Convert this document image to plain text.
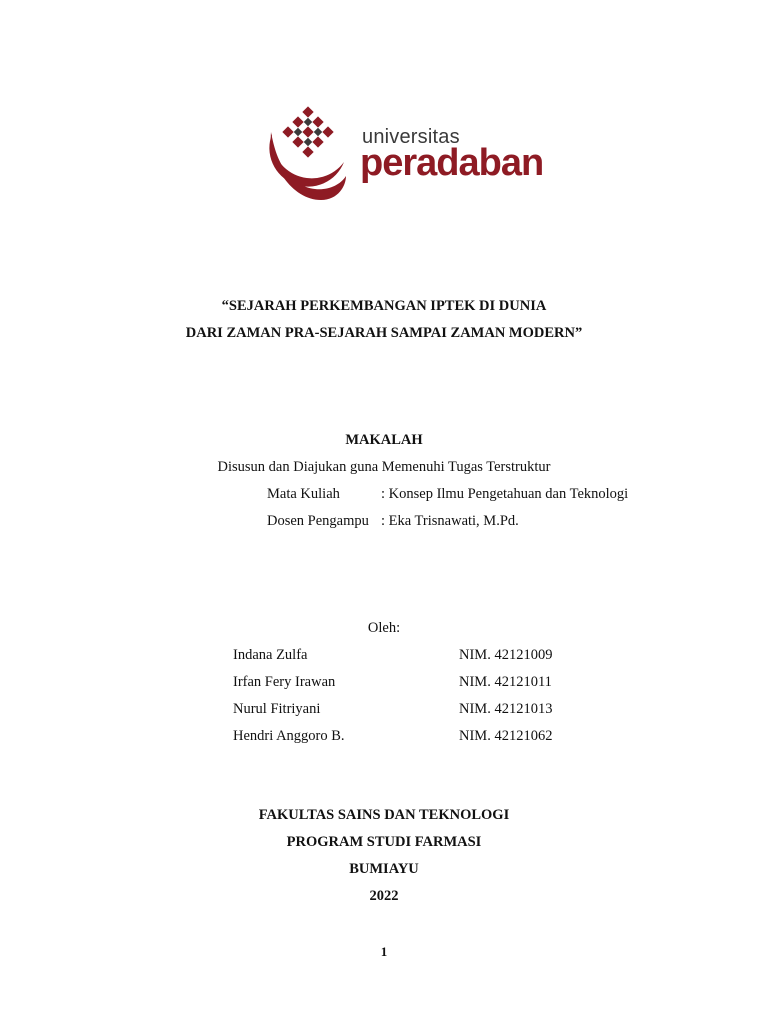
universitas
peradaban
“SEJARAH PERKEMBANGAN IPTEK DI DUNIA
DARI ZAMAN PRA-SEJARAH SAMPAI ZAMAN MODERN”
MAKALAH
Disusun dan Diajukan guna Memenuhi Tugas Terstruktur
Mata Kuliah	: Konsep Ilmu Pengetahuan dan Teknologi
Dosen Pengampu : Eka Trisnawati, M.Pd.
Oleh:
Indana Zulfa	NIM. 42121009
Irfan Fery Irawan	NIM. 42121011
Nurul Fitriyani	NIM. 42121013
Hendri Anggoro B.	NIM. 42121062
FAKULTAS SAINS DAN TEKNOLOGI
PROGRAM STUDI FARMASI
BUMIAYU
2022
1
